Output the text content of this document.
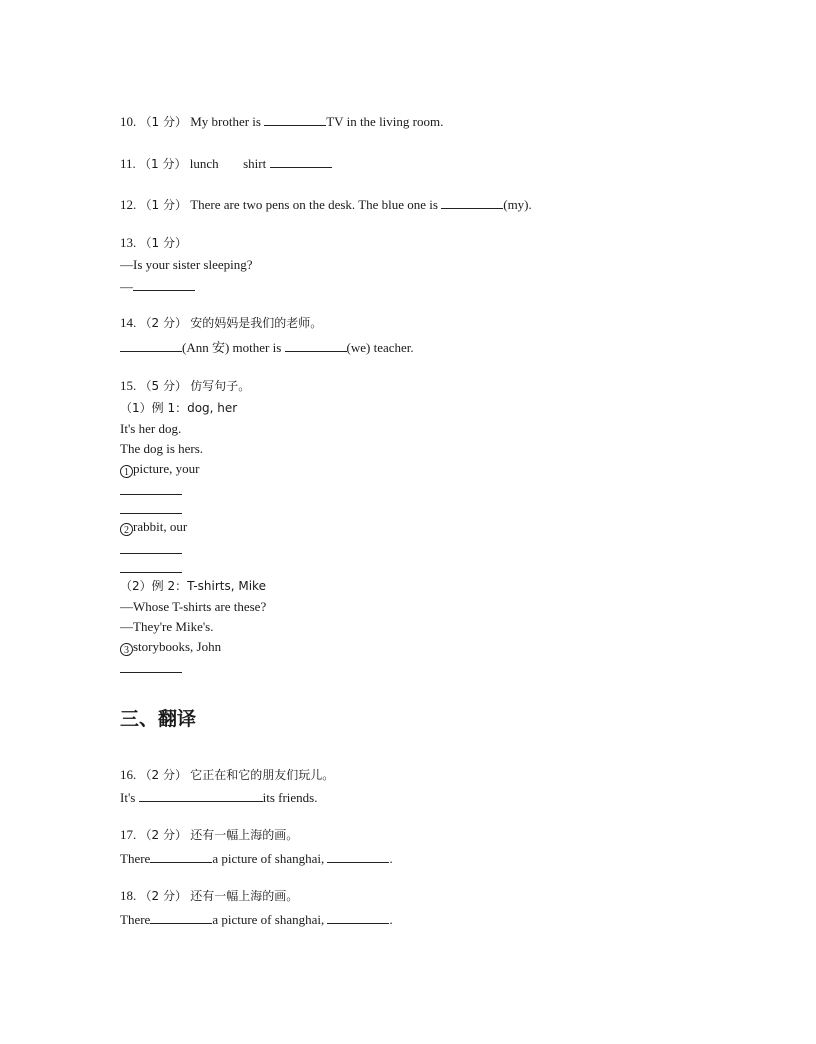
10. （1 分） My brother is	TV in the living room.
11. （1 分） lunch shirt
12. （1 分） There are two pens on the desk. The blue one is	(my).
13. （1 分）
—Is your sister sleeping?
—
14. （2 分） 安的妈妈是我们的老师。
(Ann 安) mother is	(we) teacher.
15. （5 分） 仿写句子。
（1）例 1：dog, her
It's her dog.
The dog is hers.
1 picture, your
2 rabbit, our
（2）例 2：T-shirts, Mike
—Whose T-shirts are these?
—They're Mike's.
3 storybooks, John
三、翻译
16. （2 分） 它正在和它的朋友们玩儿。
It's	its friends.
17. （2 分） 还有一幅上海的画。
There	a picture of shanghai,	.
18. （2 分） 还有一幅上海的画。
There	a picture of shanghai,	.
